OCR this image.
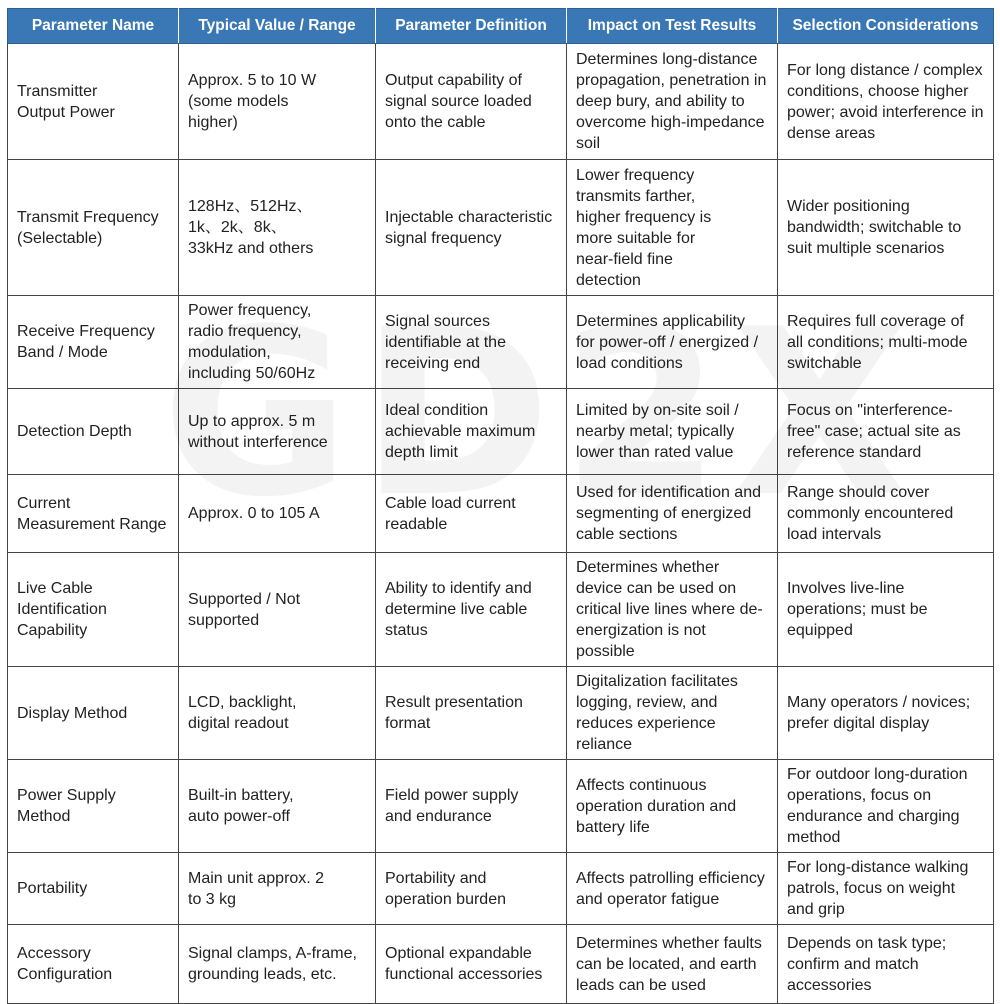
Parameter Name	Typical Value / Range	Parameter Definition	Impact on Test Results	Selection Considerations

Transmitter Output Power	Approx. 5 to 10 W (some models higher)	Output capability of signal source loaded onto the cable	Determines long-distance propagation, penetration in deep bury, and ability to overcome high-impedance soil	For long distance / complex conditions, choose higher power; avoid interference in dense areas

Transmit Frequency (Selectable)	128Hz、512Hz、1k、2k、8k、33kHz and others	Injectable characteristic signal frequency	Lower frequency transmits farther, higher frequency is more suitable for near-field fine detection	Wider positioning bandwidth; switchable to suit multiple scenarios

Receive Frequency Band / Mode	Power frequency, radio frequency, modulation, including 50/60Hz	Signal sources identifiable at the receiving end	Determines applicability for power-off / energized / load conditions	Requires full coverage of all conditions; multi-mode switchable

Detection Depth	Up to approx. 5 m without interference	Ideal condition achievable maximum depth limit	Limited by on-site soil / nearby metal; typically lower than rated value	Focus on "interference-free" case; actual site as reference standard

Current Measurement Range	Approx. 0 to 105 A	Cable load current readable	Used for identification and segmenting of energized cable sections	Range should cover commonly encountered load intervals

Live Cable Identification Capability	Supported / Not supported	Ability to identify and determine live cable status	Determines whether device can be used on critical live lines where de-energization is not possible	Involves live-line operations; must be equipped

Display Method	LCD, backlight, digital readout	Result presentation format	Digitalization facilitates logging, review, and reduces experience reliance	Many operators / novices; prefer digital display

Power Supply Method	Built-in battery, auto power-off	Field power supply and endurance	Affects continuous operation duration and battery life	For outdoor long-duration operations, focus on endurance and charging method

Portability	Main unit approx. 2 to 3 kg	Portability and operation burden	Affects patrolling efficiency and operator fatigue	For long-distance walking patrols, focus on weight and grip

Accessory Configuration	Signal clamps, A-frame, grounding leads, etc.	Optional expandable functional accessories	Determines whether faults can be located, and earth leads can be used	Depends on task type; confirm and match accessories
